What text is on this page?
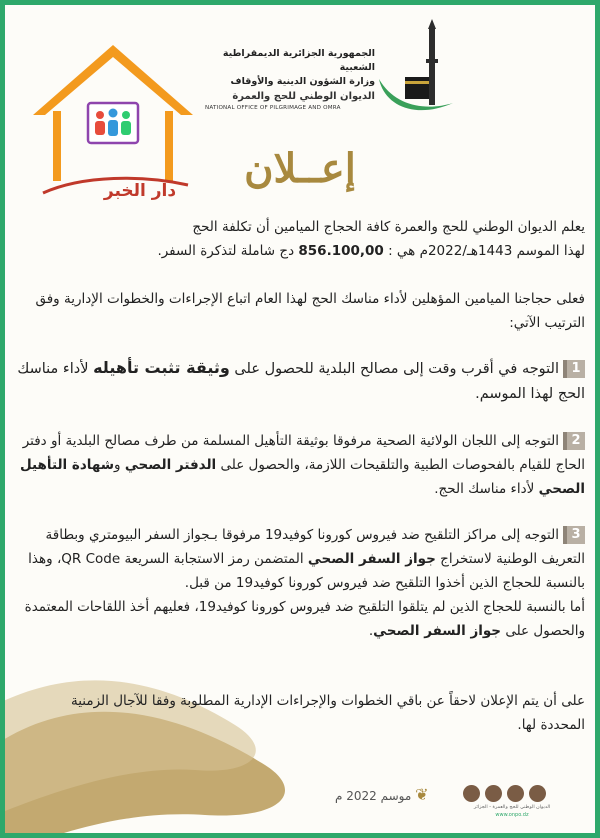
دار الخبر
الجمهورية الجزائرية الديمقراطية الشعبية
وزارة الشؤون الدينية والأوقاف
الديوان الوطني للحج والعمرة
NATIONAL OFFICE OF PILGRIMAGE AND OMRA
إعــلان
يعلم الديوان الوطني للحج والعمرة كافة الحجاج الميامين أن تكلفة الحج
لهذا الموسم 1443هـ/2022م هي : 856.100,00 دج شاملة لتذكرة السفر.
فعلى حجاجنا الميامين المؤهلين لأداء مناسك الحج لهذا العام اتباع الإجراءات والخطوات الإدارية وفق الترتيب الآتي:
1التوجه في أقرب وقت إلى مصالح البلدية للحصول على وثيقة تثبت تأهيله لأداء مناسك الحج لهذا الموسم.
2التوجه إلى اللجان الولائية الصحية مرفوقا بوثيقة التأهيل المسلمة من طرف مصالح البلدية أو دفتر الحاج للقيام بالفحوصات الطبية والتلقيحات اللازمة، والحصول على الدفتر الصحي وشهادة التأهيل الصحي لأداء مناسك الحج.
3التوجه إلى مراكز التلقيح ضد فيروس كورونا كوفيد19 مرفوقا بـجواز السفر البيومتري وبطاقة التعريف الوطنية لاستخراج جواز السفر الصحي المتضمن رمز الاستجابة السريعة QR Code، وهذا بالنسبة للحجاج الذين أخذوا التلقيح ضد فيروس كورونا كوفيد19 من قبل.
أما بالنسبة للحجاج الذين لم يتلقوا التلقيح ضد فيروس كورونا كوفيد19، فعليهم أخذ اللقاحات المعتمدة والحصول على جواز السفر الصحي.
على أن يتم الإعلان لاحقاً عن باقي الخطوات والإجراءات الإدارية المطلوبة وفقا للآجال الزمنية المحددة لها.
❦ موسم 2022 م
الديوان الوطني للحج والعمرة - الجزائر
www.onpo.dz
